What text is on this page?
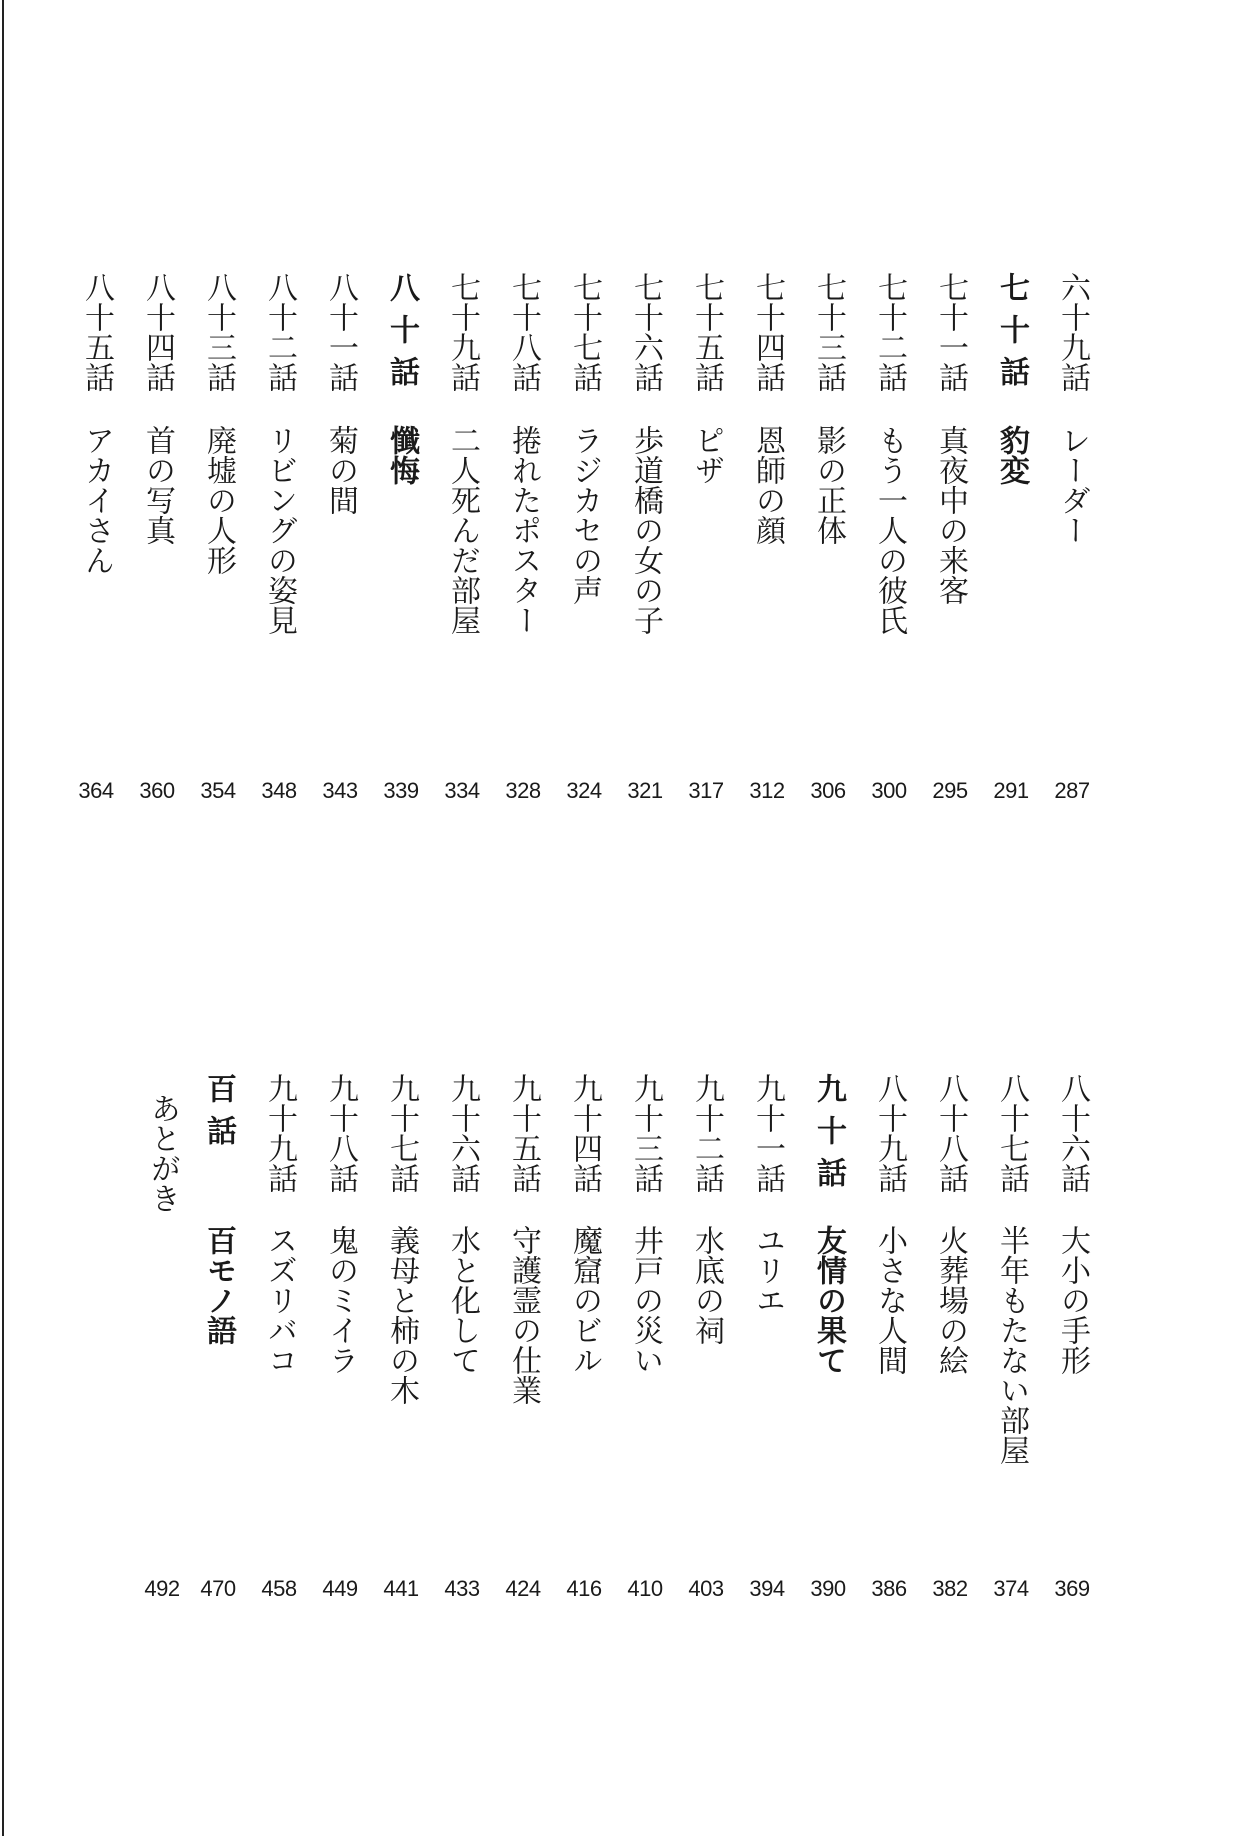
六十九話
レーダー
287
七十話
豹変
291
七十一話
真夜中の来客
295
七十二話
もう一人の彼氏
300
七十三話
影の正体
306
七十四話
恩師の顔
312
七十五話
ピザ
317
七十六話
歩道橋の女の子
321
七十七話
ラジカセの声
324
七十八話
捲れたポスター
328
七十九話
二人死んだ部屋
334
八十話
懺悔
339
八十一話
菊の間
343
八十二話
リビングの姿見
348
八十三話
廃墟の人形
354
八十四話
首の写真
360
八十五話
アカイさん
364
八十六話
大小の手形
369
八十七話
半年もたない部屋
374
八十八話
火葬場の絵
382
八十九話
小さな人間
386
九十話
友情の果て
390
九十一話
ユリエ
394
九十二話
水底の祠
403
九十三話
井戸の災い
410
九十四話
魔窟のビル
416
九十五話
守護霊の仕業
424
九十六話
水と化して
433
九十七話
義母と柿の木
441
九十八話
鬼のミイラ
449
九十九話
スズリバコ
458
百話
百モノ語
470
あとがき
492
